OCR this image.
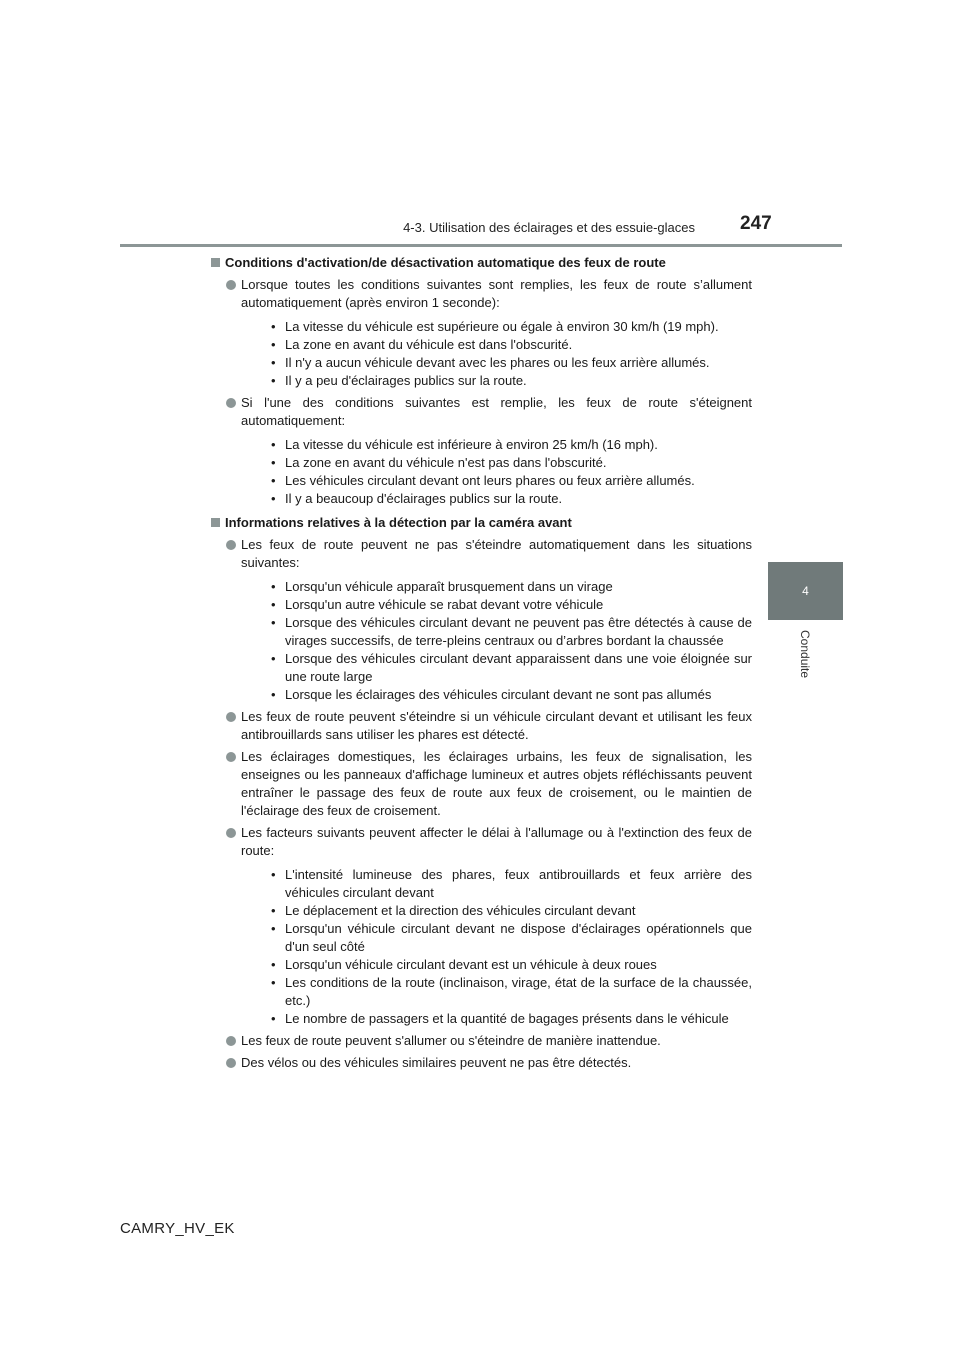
4-3. Utilisation des éclairages et des essuie-glaces 247
4
Conduite
Conditions d'activation/de désactivation automatique des feux de route
Lorsque toutes les conditions suivantes sont remplies, les feux de route s’allument automatiquement (après environ 1 seconde):
• La vitesse du véhicule est supérieure ou égale à environ 30 km/h (19 mph).
• La zone en avant du véhicule est dans l'obscurité.
• Il n'y a aucun véhicule devant avec les phares ou les feux arrière allumés.
• Il y a peu d'éclairages publics sur la route.
Si l'une des conditions suivantes est remplie, les feux de route s'éteignent automatiquement:
• La vitesse du véhicule est inférieure à environ 25 km/h (16 mph).
• La zone en avant du véhicule n'est pas dans l'obscurité.
• Les véhicules circulant devant ont leurs phares ou feux arrière allumés.
• Il y a beaucoup d'éclairages publics sur la route.
Informations relatives à la détection par la caméra avant
Les feux de route peuvent ne pas s'éteindre automatiquement dans les situations suivantes:
• Lorsqu'un véhicule apparaît brusquement dans un virage
• Lorsqu'un autre véhicule se rabat devant votre véhicule
• Lorsque des véhicules circulant devant ne peuvent pas être détectés à cause de virages successifs, de terre-pleins centraux ou d’arbres bordant la chaussée
• Lorsque des véhicules circulant devant apparaissent dans une voie éloignée sur une route large
• Lorsque les éclairages des véhicules circulant devant ne sont pas allumés
Les feux de route peuvent s'éteindre si un véhicule circulant devant et utilisant les feux antibrouillards sans utiliser les phares est détecté.
Les éclairages domestiques, les éclairages urbains, les feux de signalisation, les enseignes ou les panneaux d'affichage lumineux et autres objets réfléchissants peuvent entraîner le passage des feux de route aux feux de croisement, ou le maintien de l'éclairage des feux de croisement.
Les facteurs suivants peuvent affecter le délai à l'allumage ou à l'extinction des feux de route:
• L'intensité lumineuse des phares, feux antibrouillards et feux arrière des véhicules circulant devant
• Le déplacement et la direction des véhicules circulant devant
• Lorsqu'un véhicule circulant devant ne dispose d'éclairages opérationnels que d'un seul côté
• Lorsqu'un véhicule circulant devant est un véhicule à deux roues
• Les conditions de la route (inclinaison, virage, état de la surface de la chaussée, etc.)
• Le nombre de passagers et la quantité de bagages présents dans le véhicule
Les feux de route peuvent s'allumer ou s'éteindre de manière inattendue.
Des vélos ou des véhicules similaires peuvent ne pas être détectés.
CAMRY_HV_EK
